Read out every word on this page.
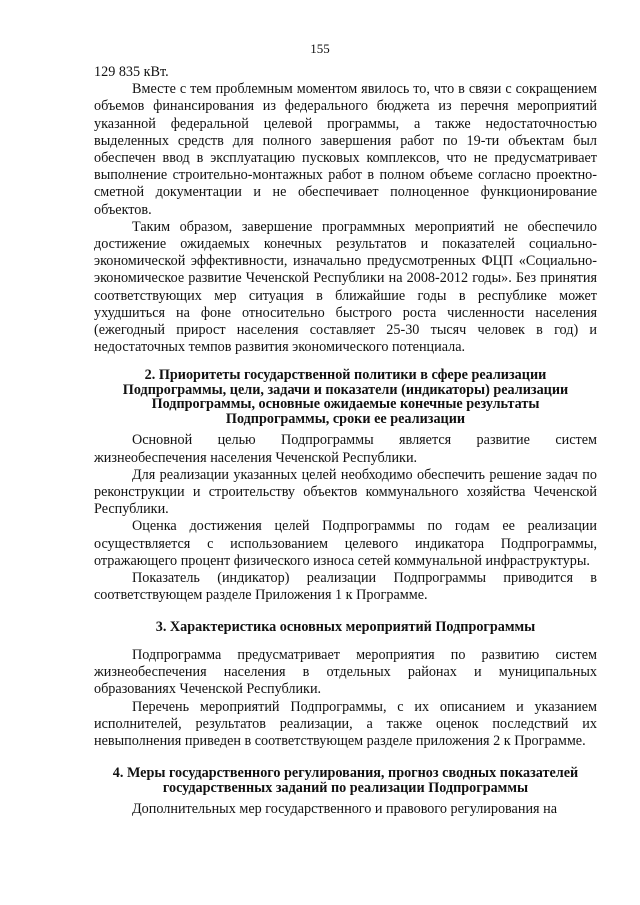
155

129 835 кВт.

Вместе с тем проблемным моментом явилось то, что в связи с сокращением объемов финансирования из федерального бюджета из перечня мероприятий указанной федеральной целевой программы, а также недостаточностью выделенных средств для полного завершения работ по 19-ти объектам был обеспечен ввод в эксплуатацию пусковых комплексов, что не предусматривает выполнение строительно-монтажных работ в полном объеме согласно проектно-сметной документации и не обеспечивает полноценное функционирование объектов.

Таким образом, завершение программных мероприятий не обеспечило достижение ожидаемых конечных результатов и показателей социально-экономической эффективности, изначально предусмотренных ФЦП «Социально-экономическое развитие Чеченской Республики на 2008-2012 годы». Без принятия соответствующих мер ситуация в ближайшие годы в республике может ухудшиться на фоне относительно быстрого роста численности населения (ежегодный прирост населения составляет 25-30 тысяч человек в год) и недостаточных темпов развития экономического потенциала.

2. Приоритеты государственной политики в сфере реализации
Подпрограммы, цели, задачи и показатели (индикаторы) реализации
Подпрограммы, основные ожидаемые конечные результаты
Подпрограммы, сроки ее реализации

Основной целью Подпрограммы является развитие систем жизнеобеспечения населения Чеченской Республики.

Для реализации указанных целей необходимо обеспечить решение задач по реконструкции и строительству объектов коммунального хозяйства Чеченской Республики.

Оценка достижения целей Подпрограммы по годам ее реализации осуществляется с использованием целевого индикатора Подпрограммы, отражающего процент физического износа сетей коммунальной инфраструктуры.

Показатель (индикатор) реализации Подпрограммы приводится в соответствующем разделе Приложения 1 к Программе.

3. Характеристика основных мероприятий Подпрограммы

Подпрограмма предусматривает мероприятия по развитию систем жизнеобеспечения населения в отдельных районах и муниципальных образованиях Чеченской Республики.

Перечень мероприятий Подпрограммы, с их описанием и указанием исполнителей, результатов реализации, а также оценок последствий их невыполнения приведен в соответствующем разделе приложения 2 к Программе.

4. Меры государственного регулирования, прогноз сводных показателей
государственных заданий по реализации Подпрограммы

Дополнительных мер государственного и правового регулирования на
